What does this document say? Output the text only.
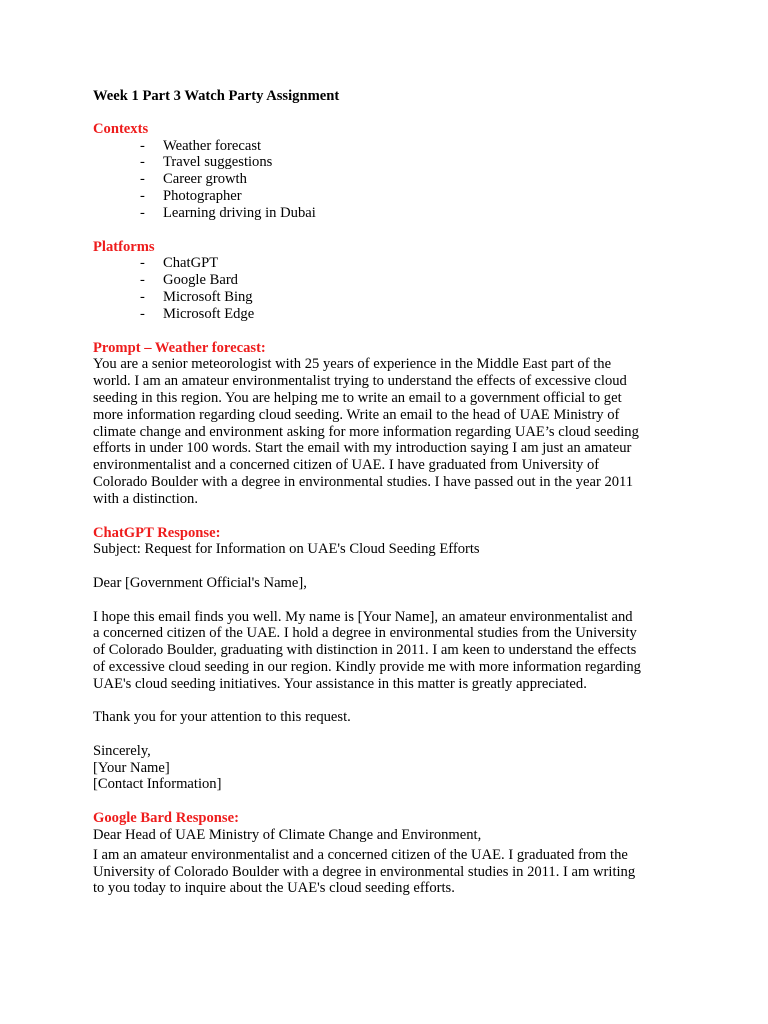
Week 1 Part 3 Watch Party Assignment

Contexts

- Weather forecast
- Travel suggestions
- Career growth
- Photographer
- Learning driving in Dubai

Platforms

- ChatGPT
- Google Bard
- Microsoft Bing
- Microsoft Edge

Prompt – Weather forecast:

You are a senior meteorologist with 25 years of experience in the Middle East part of the

world. I am an amateur environmentalist trying to understand the effects of excessive cloud

seeding in this region. You are helping me to write an email to a government official to get

more information regarding cloud seeding. Write an email to the head of UAE Ministry of

climate change and environment asking for more information regarding UAE’s cloud seeding

efforts in under 100 words. Start the email with my introduction saying I am just an amateur

environmentalist and a concerned citizen of UAE. I have graduated from University of

Colorado Boulder with a degree in environmental studies. I have passed out in the year 2011

with a distinction.

ChatGPT Response:

Subject: Request for Information on UAE's Cloud Seeding Efforts

Dear [Government Official's Name],

I hope this email finds you well. My name is [Your Name], an amateur environmentalist and

a concerned citizen of the UAE. I hold a degree in environmental studies from the University

of Colorado Boulder, graduating with distinction in 2011. I am keen to understand the effects

of excessive cloud seeding in our region. Kindly provide me with more information regarding

UAE's cloud seeding initiatives. Your assistance in this matter is greatly appreciated.

Thank you for your attention to this request.

Sincerely,

[Your Name]

[Contact Information]

Google Bard Response:

Dear Head of UAE Ministry of Climate Change and Environment,

I am an amateur environmentalist and a concerned citizen of the UAE. I graduated from the

University of Colorado Boulder with a degree in environmental studies in 2011. I am writing

to you today to inquire about the UAE's cloud seeding efforts.
